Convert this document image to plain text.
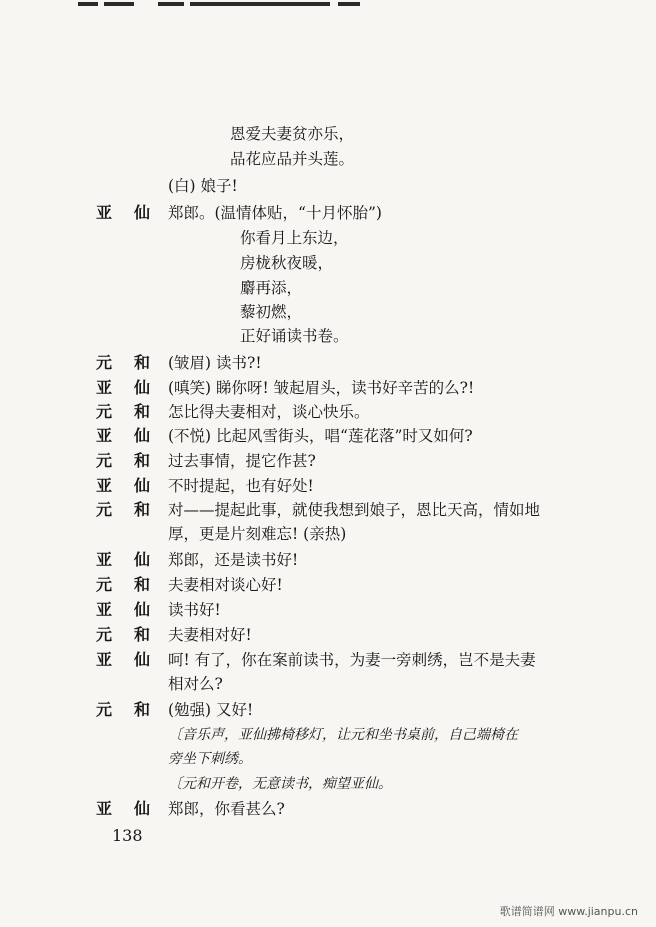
恩爱夫妻贫亦乐，
品花应品并头莲。
(白) 娘子!
亚仙
郑郎。(温情体贴，“十月怀胎”)
你看月上东边，
房栊秋夜暖，
麝再添，
藜初燃，
正好诵读书卷。
元和
(皱眉) 读书?!
亚仙
(嗔笑) 睇你呀! 皱起眉头，读书好辛苦的么?!
元和
怎比得夫妻相对，谈心快乐。
亚仙
(不悦) 比起风雪街头，唱“莲花落”时又如何?
元和
过去事情，提它作甚?
亚仙
不时提起，也有好处!
元和
对——提起此事，就使我想到娘子，恩比天高，情如地
厚，更是片刻难忘! (亲热)
亚仙
郑郎，还是读书好!
元和
夫妻相对谈心好!
亚仙
读书好!
元和
夫妻相对好!
亚仙
呵! 有了，你在案前读书，为妻一旁刺绣，岂不是夫妻
相对么?
元和
(勉强) 又好!
〔音乐声，亚仙拂椅移灯，让元和坐书桌前，自己端椅在
旁坐下刺绣。
〔元和开卷，无意读书，痴望亚仙。
亚仙
郑郎，你看甚么?
138
歌谱简谱网 www.jianpu.cn
